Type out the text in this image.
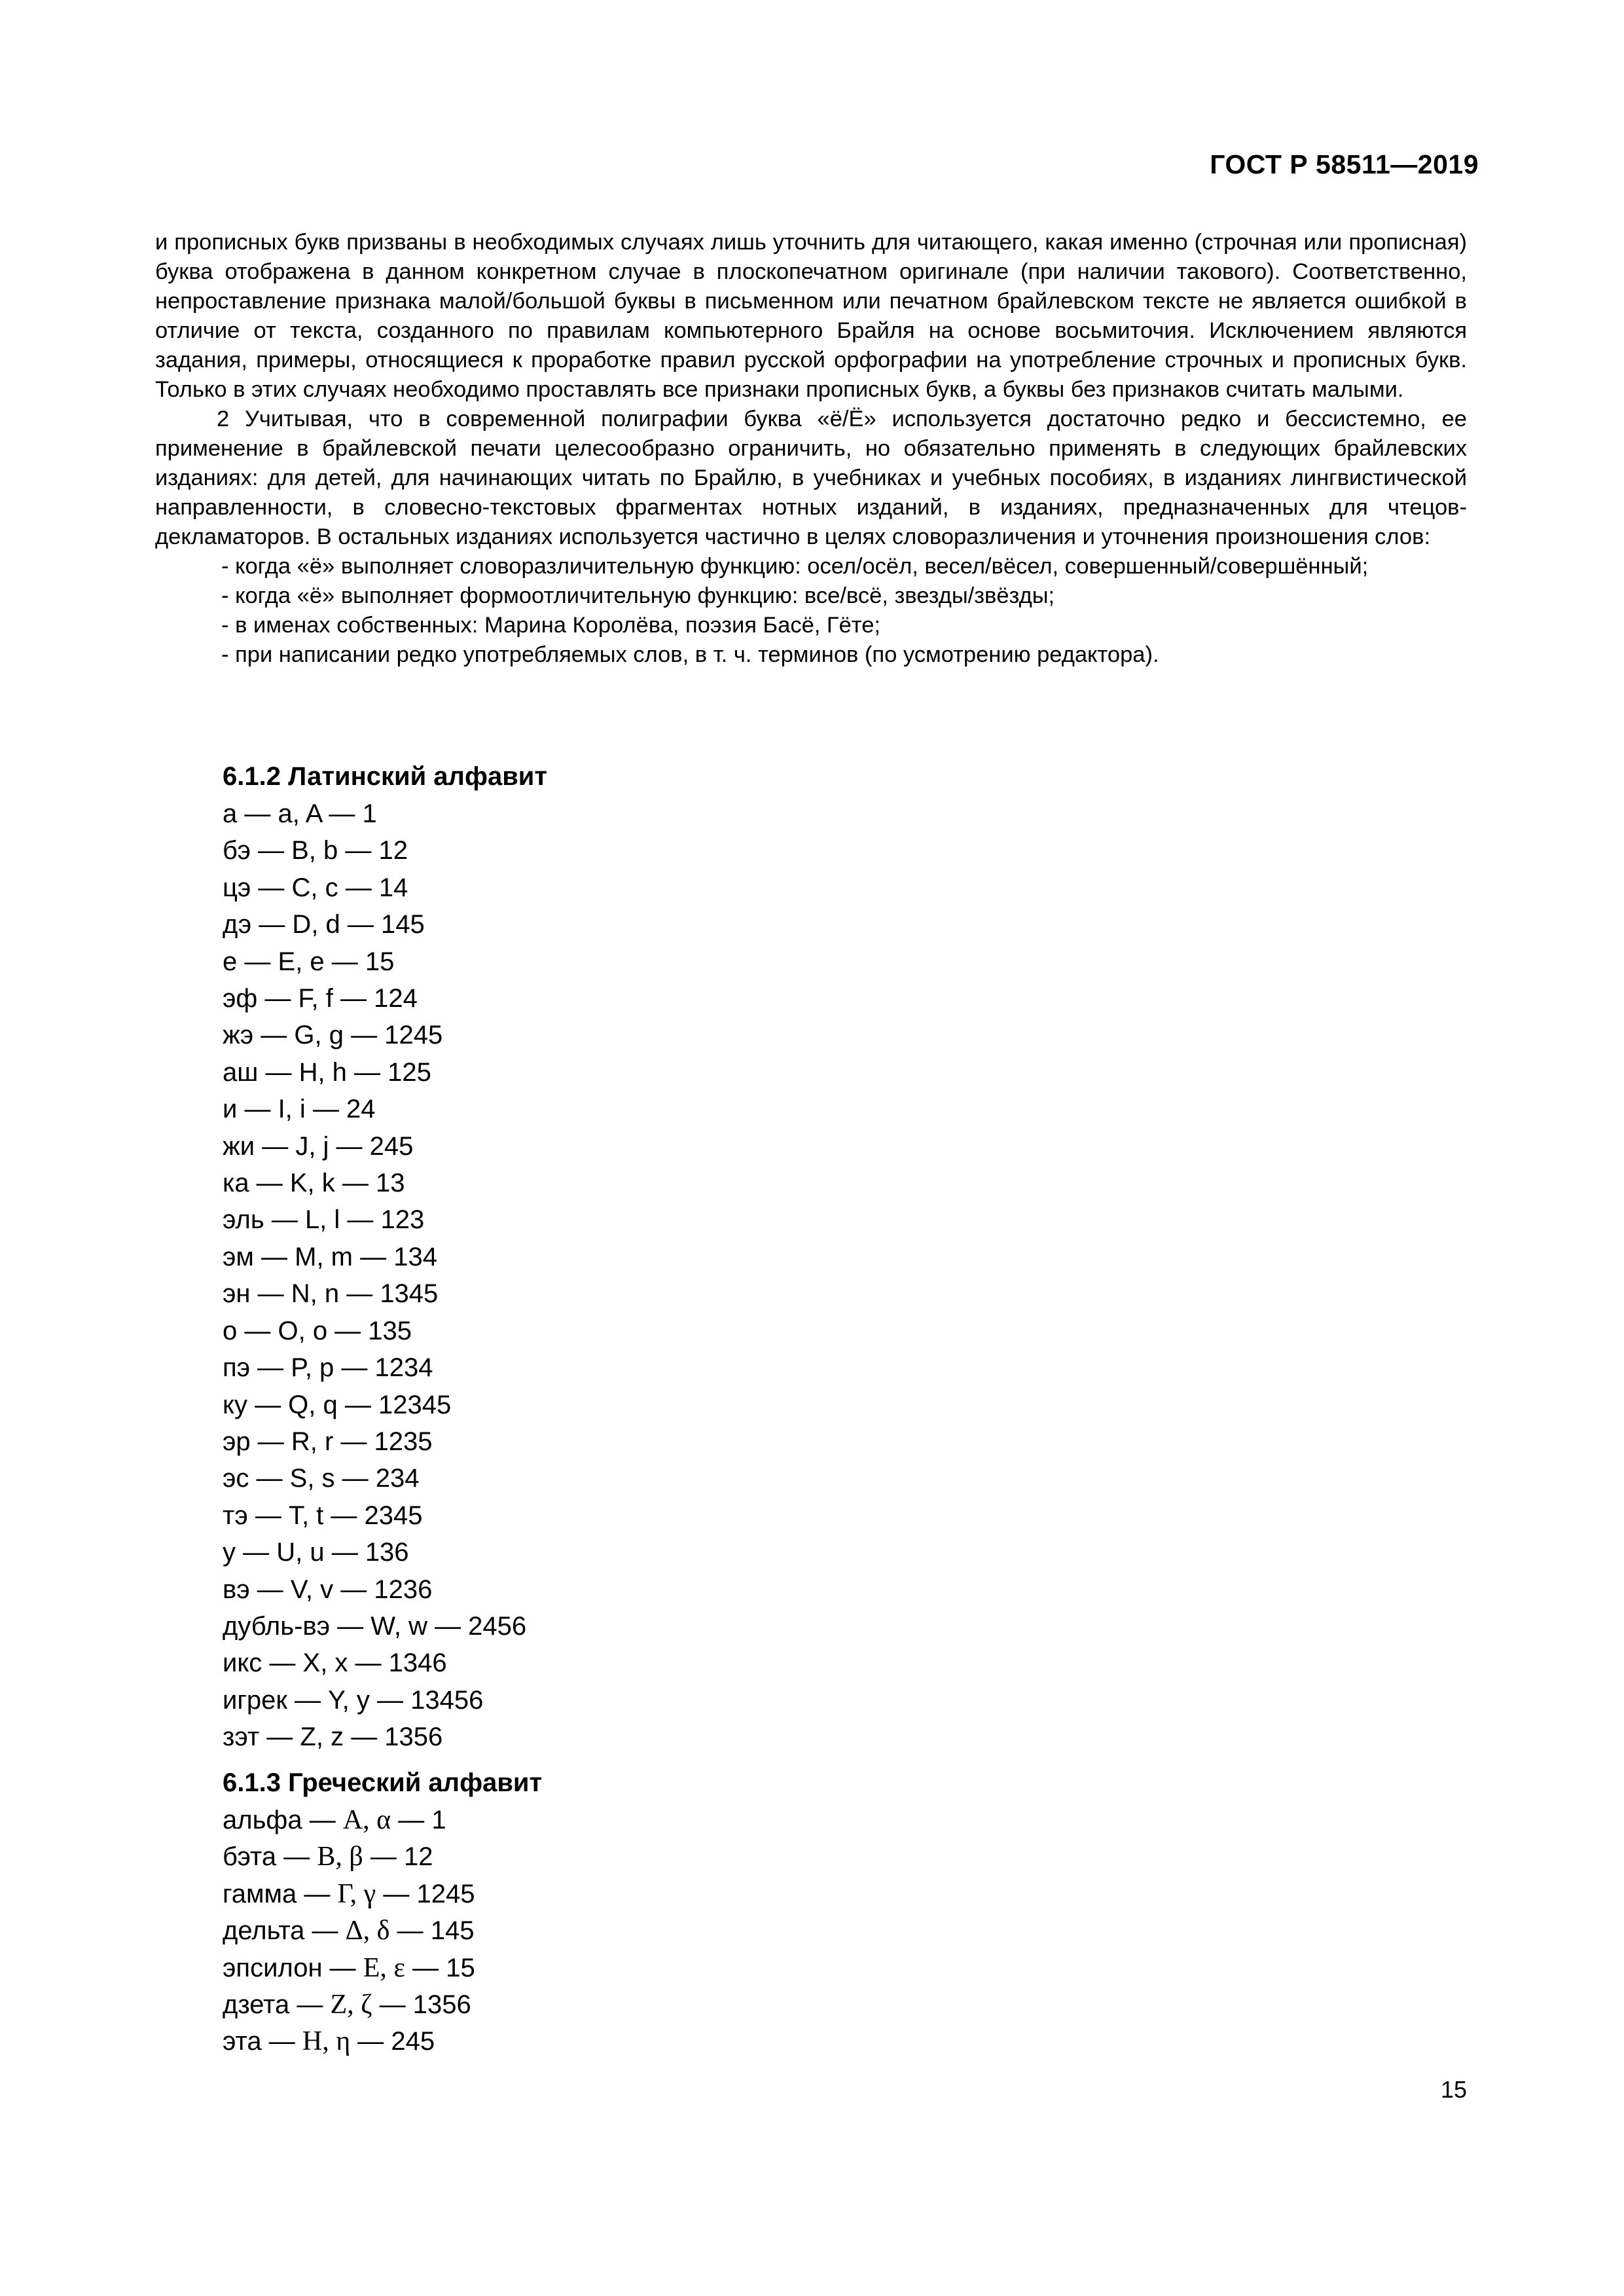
ГОСТ Р 58511—2019

и прописных букв призваны в необходимых случаях лишь уточнить для читающего, какая именно (строчная или прописная) буква отображена в данном конкретном случае в плоскопечатном оригинале (при наличии такового). Соответственно, непроставление признака малой/большой буквы в письменном или печатном брайлевском тексте не является ошибкой в отличие от текста, созданного по правилам компьютерного Брайля на основе восьмиточия. Исключением являются задания, примеры, относящиеся к проработке правил русской орфографии на употребление строчных и прописных букв. Только в этих случаях необходимо проставлять все признаки прописных букв, а буквы без признаков считать малыми.

2 Учитывая, что в современной полиграфии буква «ё/Ё» используется достаточно редко и бессистемно, ее применение в брайлевской печати целесообразно ограничить, но обязательно применять в следующих брайлевских изданиях: для детей, для начинающих читать по Брайлю, в учебниках и учебных пособиях, в изданиях лингвистической направленности, в словесно-текстовых фрагментах нотных изданий, в изданиях, предназначенных для чтецов-декламаторов. В остальных изданиях используется частично в целях словоразличения и уточнения произношения слов:

- когда «ё» выполняет словоразличительную функцию: осел/осёл, весел/вёсел, совершенный/совершённый;
- когда «ё» выполняет формоотличительную функцию: все/всё, звезды/звёзды;
- в именах собственных: Марина Королёва, поэзия Басё, Гёте;
- при написании редко употребляемых слов, в т. ч. терминов (по усмотрению редактора).
6.1.2 Латинский алфавит
а — a, A — 1
бэ — B, b — 12
цэ — C, c — 14
дэ — D, d — 145
е — E, e — 15
эф — F, f — 124
жэ — G, g — 1245
аш — H, h — 125
и — I, i — 24
жи — J, j — 245
ка — K, k — 13
эль — L, l — 123
эм — M, m — 134
эн — N, n — 1345
о — O, o — 135
пэ — P, p — 1234
ку — Q, q — 12345
эр — R, r — 1235
эс — S, s — 234
тэ — T, t — 2345
у — U, u — 136
вэ — V, v — 1236
дубль-вэ — W, w — 2456
икс — X, x — 1346
игрек — Y, y — 13456
зэт — Z, z — 1356
6.1.3 Греческий алфавит
альфа — Α, α — 1
бэта — Β, β — 12
гамма — Γ, γ — 1245
дельта — Δ, δ — 145
эпсилон — Ε, ε — 15
дзета — Ζ, ζ — 1356
эта — Η, η — 245
15
